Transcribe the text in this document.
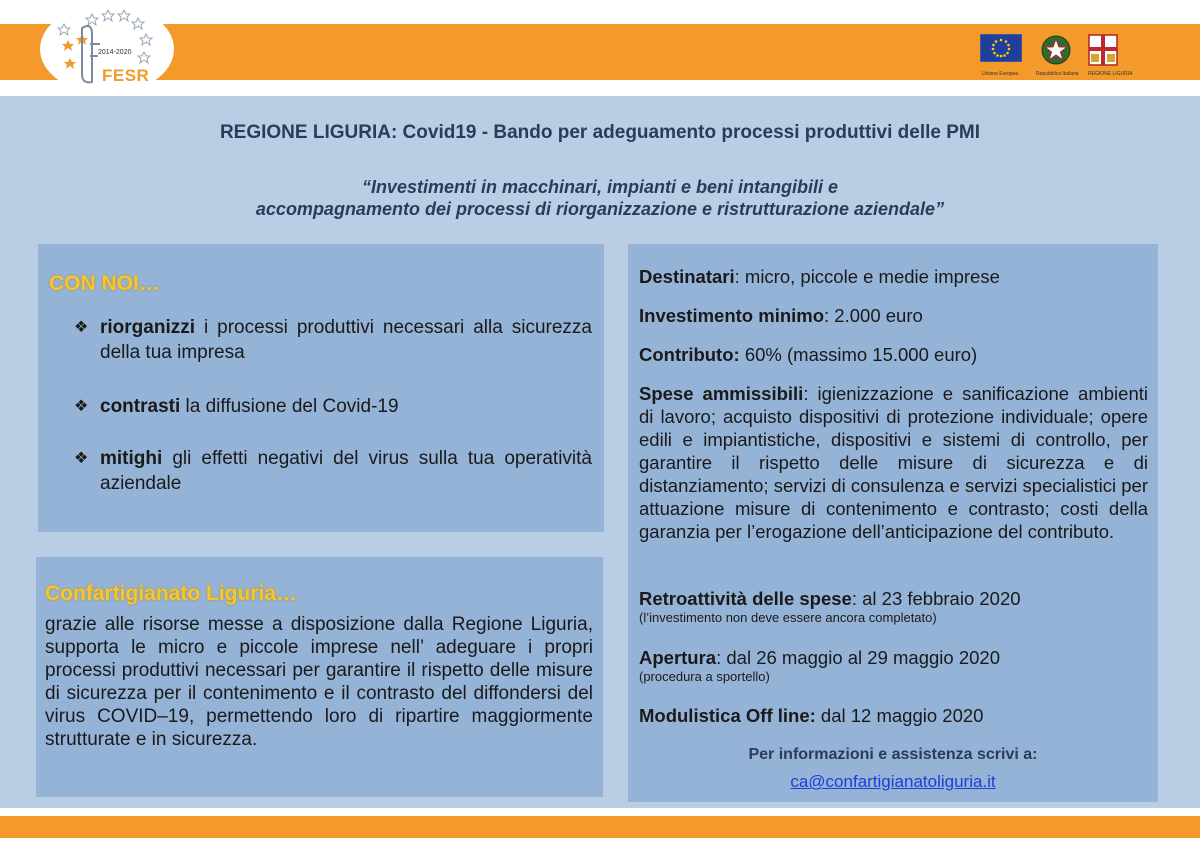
2014-2020
FESR	Unione Europea	Repubblica Italiana REGIONE LIGURIA
REGIONE LIGURIA: Covid19 - Bando per adeguamento processi produttivi delle PMI
“Investimenti in macchinari, impianti e beni intangibili e
accompagnamento dei processi di riorganizzazione e ristrutturazione aziendale”
CON NOI…
❖ riorganizzi i processi produttivi necessari alla sicurezza della tua impresa
❖ contrasti la diffusione del Covid-19
❖ mitighi gli effetti negativi del virus sulla tua operatività aziendale
Confartigianato Liguria…
grazie alle risorse messe a disposizione dalla Regione Liguria, supporta le micro e piccole imprese nell’ adeguare i propri processi produttivi necessari per garantire il rispetto delle misure di sicurezza per il contenimento e il contrasto del diffondersi del virus COVID–19, permettendo loro di ripartire maggiormente strutturate e in sicurezza.
Destinatari: micro, piccole e medie imprese
Investimento minimo: 2.000 euro
Contributo: 60% (massimo 15.000 euro)
Spese ammissibili: igienizzazione e sanificazione ambienti di lavoro; acquisto dispositivi di protezione individuale; opere edili e impiantistiche, dispositivi e sistemi di controllo, per garantire il rispetto delle misure di sicurezza e di distanziamento; servizi di consulenza e servizi specialistici per attuazione misure di contenimento e contrasto; costi della garanzia per l’erogazione dell’anticipazione del contributo.
Retroattività delle spese: al 23 febbraio 2020
(l’investimento non deve essere ancora completato)
Apertura: dal 26 maggio al 29 maggio 2020
(procedura a sportello)
Modulistica Off line: dal 12 maggio 2020
Per informazioni e assistenza scrivi a:
ca@confartigianatoliguria.it
